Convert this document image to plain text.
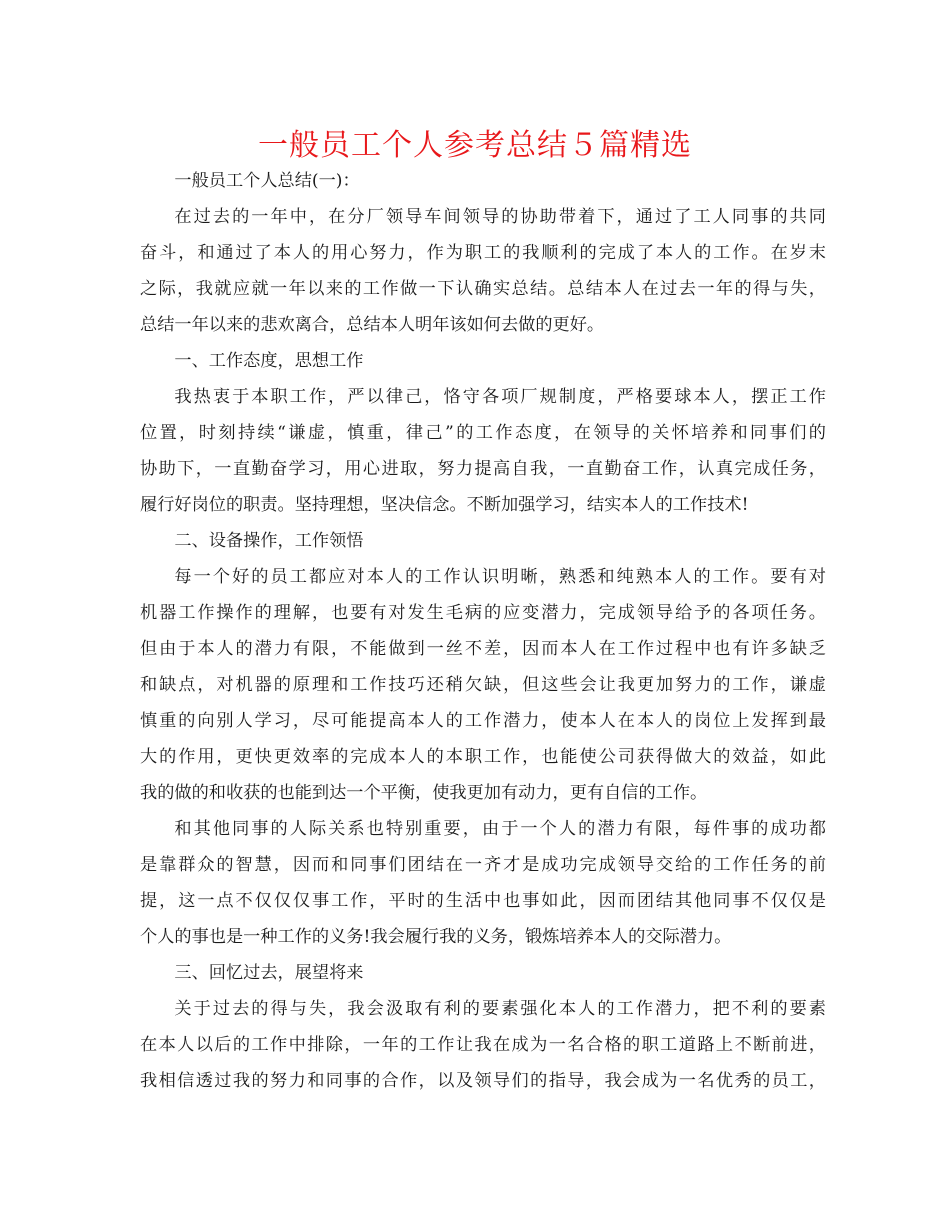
一般员工个人参考总结５篇精选
一般员工个人总结(一)：
在过去的一年中，在分厂领导车间领导的协助带着下，通过了工人同事的共同
奋斗，和通过了本人的用心努力，作为职工的我顺利的完成了本人的工作。在岁末
之际，我就应就一年以来的工作做一下认确实总结。总结本人在过去一年的得与失，
总结一年以来的悲欢离合，总结本人明年该如何去做的更好。
一、工作态度，思想工作
我热衷于本职工作，严以律己，恪守各项厂规制度，严格要球本人，摆正工作
位置，时刻持续“谦虚，慎重，律己”的工作态度，在领导的关怀培养和同事们的
协助下，一直勤奋学习，用心进取，努力提高自我，一直勤奋工作，认真完成任务，
履行好岗位的职责。坚持理想，坚决信念。不断加强学习，结实本人的工作技术!
二、设备操作，工作领悟
每一个好的员工都应对本人的工作认识明晰，熟悉和纯熟本人的工作。要有对
机器工作操作的理解，也要有对发生毛病的应变潜力，完成领导给予的各项任务。
但由于本人的潜力有限，不能做到一丝不差，因而本人在工作过程中也有许多缺乏
和缺点，对机器的原理和工作技巧还稍欠缺，但这些会让我更加努力的工作，谦虚
慎重的向别人学习，尽可能提高本人的工作潜力，使本人在本人的岗位上发挥到最
大的作用，更快更效率的完成本人的本职工作，也能使公司获得做大的效益，如此
我的做的和收获的也能到达一个平衡，使我更加有动力，更有自信的工作。
和其他同事的人际关系也特别重要，由于一个人的潜力有限，每件事的成功都
是靠群众的智慧，因而和同事们团结在一齐才是成功完成领导交给的工作任务的前
提，这一点不仅仅仅事工作，平时的生活中也事如此，因而团结其他同事不仅仅是
个人的事也是一种工作的义务!我会履行我的义务，锻炼培养本人的交际潜力。
三、回忆过去，展望将来
关于过去的得与失，我会汲取有利的要素强化本人的工作潜力，把不利的要素
在本人以后的工作中排除，一年的工作让我在成为一名合格的职工道路上不断前进，
我相信透过我的努力和同事的合作，以及领导们的指导，我会成为一名优秀的员工，
